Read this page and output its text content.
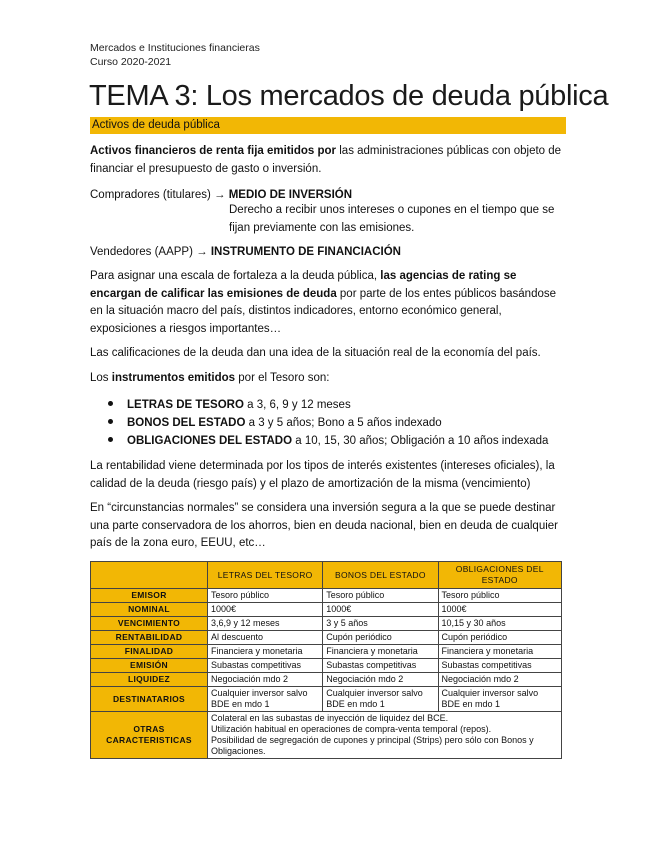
Mercados e Instituciones financieras
Curso 2020-2021
TEMA 3: Los mercados de deuda pública
Activos de deuda pública
Activos financieros de renta fija emitidos por las administraciones públicas con objeto de financiar el presupuesto de gasto o inversión.
Compradores (titulares) → MEDIO DE INVERSIÓN
Derecho a recibir unos intereses o cupones en el tiempo que se fijan previamente con las emisiones.
Vendedores (AAPP) → INSTRUMENTO DE FINANCIACIÓN
Para asignar una escala de fortaleza a la deuda pública, las agencias de rating se encargan de calificar las emisiones de deuda por parte de los entes públicos basándose en la situación macro del país, distintos indicadores, entorno económico general, exposiciones a riesgos importantes…
Las calificaciones de la deuda dan una idea de la situación real de la economía del país.
Los instrumentos emitidos por el Tesoro son:
LETRAS DE TESORO a 3, 6, 9 y 12 meses
BONOS DEL ESTADO a 3 y 5 años; Bono a 5 años indexado
OBLIGACIONES DEL ESTADO a 10, 15, 30 años; Obligación a 10 años indexada
La rentabilidad viene determinada por los tipos de interés existentes (intereses oficiales), la calidad de la deuda (riesgo país) y el plazo de amortización de la misma (vencimiento)
En “circunstancias normales” se considera una inversión segura a la que se puede destinar una parte conservadora de los ahorros, bien en deuda nacional, bien en deuda de cualquier país de la zona euro, EEUU, etc…
	LETRAS DEL TESORO	BONOS DEL ESTADO	OBLIGACIONES DEL ESTADO
EMISOR	Tesoro público	Tesoro público	Tesoro público
NOMINAL	1000€	1000€	1000€
VENCIMIENTO	3,6,9 y 12 meses	3 y 5 años	10,15 y 30 años
RENTABILIDAD	Al descuento	Cupón periódico	Cupón periódico
FINALIDAD	Financiera y monetaria	Financiera y monetaria	Financiera y monetaria
EMISIÓN	Subastas competitivas	Subastas competitivas	Subastas competitivas
LIQUIDEZ	Negociación mdo 2	Negociación mdo 2	Negociación mdo 2
DESTINATARIOS	Cualquier inversor salvo BDE en mdo 1	Cualquier inversor salvo BDE en mdo 1	Cualquier inversor salvo BDE en mdo 1
OTRAS CARACTERISTICAS	Colateral en las subastas de inyección de liquidez del BCE.
Utilización habitual en operaciones de compra-venta temporal (repos).
Posibilidad de segregación de cupones y principal (Strips) pero sólo con Bonos y Obligaciones.		
